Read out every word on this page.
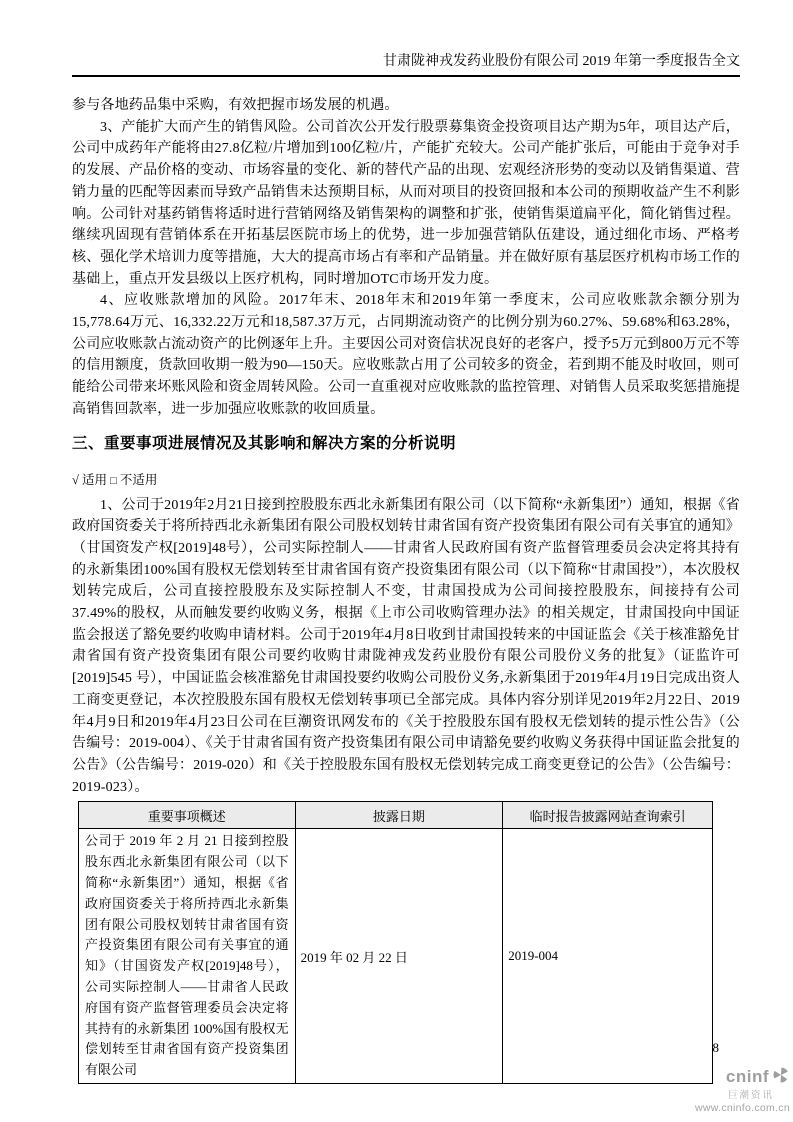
甘肃陇神戎发药业股份有限公司 2019 年第一季度报告全文

参与各地药品集中采购，有效把握市场发展的机遇。

3、产能扩大而产生的销售风险。公司首次公开发行股票募集资金投资项目达产期为5年，项目达产后，公司中成药年产能将由27.8亿粒/片增加到100亿粒/片，产能扩充较大。公司产能扩张后，可能由于竞争对手的发展、产品价格的变动、市场容量的变化、新的替代产品的出现、宏观经济形势的变动以及销售渠道、营销力量的匹配等因素而导致产品销售未达预期目标，从而对项目的投资回报和本公司的预期收益产生不利影响。公司针对基药销售将适时进行营销网络及销售架构的调整和扩张，使销售渠道扁平化，简化销售过程。继续巩固现有营销体系在开拓基层医院市场上的优势，进一步加强营销队伍建设，通过细化市场、严格考核、强化学术培训力度等措施，大大的提高市场占有率和产品销量。并在做好原有基层医疗机构市场工作的基础上，重点开发县级以上医疗机构，同时增加OTC市场开发力度。

4、应收账款增加的风险。2017年末、2018年末和2019年第一季度末，公司应收账款余额分别为15,778.64万元、16,332.22万元和18,587.37万元，占同期流动资产的比例分别为60.27%、59.68%和63.28%，公司应收账款占流动资产的比例逐年上升。主要因公司对资信状况良好的老客户，授予5万元到800万元不等的信用额度，货款回收期一般为90—150天。应收账款占用了公司较多的资金，若到期不能及时收回，则可能给公司带来坏账风险和资金周转风险。公司一直重视对应收账款的监控管理、对销售人员采取奖惩措施提高销售回款率，进一步加强应收账款的收回质量。

三、重要事项进展情况及其影响和解决方案的分析说明
√ 适用 □ 不适用

1、公司于2019年2月21日接到控股股东西北永新集团有限公司（以下简称“永新集团”）通知，根据《省政府国资委关于将所持西北永新集团有限公司股权划转甘肃省国有资产投资集团有限公司有关事宜的通知》（甘国资发产权[2019]48号），公司实际控制人——甘肃省人民政府国有资产监督管理委员会决定将其持有的永新集团100%国有股权无偿划转至甘肃省国有资产投资集团有限公司（以下简称“甘肃国投”），本次股权划转完成后，公司直接控股股东及实际控制人不变，甘肃国投成为公司间接控股股东，间接持有公司37.49%的股权，从而触发要约收购义务，根据《上市公司收购管理办法》的相关规定，甘肃国投向中国证监会报送了豁免要约收购申请材料。公司于2019年4月8日收到甘肃国投转来的中国证监会《关于核准豁免甘肃省国有资产投资集团有限公司要约收购甘肃陇神戎发药业股份有限公司股份义务的批复》（证监许可[2019]545 号），中国证监会核准豁免甘肃国投要约收购公司股份义务,永新集团于2019年4月19日完成出资人工商变更登记，本次控股股东国有股权无偿划转事项已全部完成。具体内容分别详见2019年2月22日、2019年4月9日和2019年4月23日公司在巨潮资讯网发布的《关于控股股东国有股权无偿划转的提示性公告》（公告编号：2019-004）、《关于甘肃省国有资产投资集团有限公司申请豁免要约收购义务获得中国证监会批复的公告》（公告编号：2019-020）和《关于控股股东国有股权无偿划转完成工商变更登记的公告》（公告编号：2019-023）。

重要事项概述	披露日期	临时报告披露网站查询索引
公司于 2019 年 2 月 21 日接到控股股东西北永新集团有限公司（以下简称“永新集团”）通知，根据《省政府国资委关于将所持西北永新集团有限公司股权划转甘肃省国有资产投资集团有限公司有关事宜的通知》（甘国资发产权[2019]48号），公司实际控制人——甘肃省人民政府国有资产监督管理委员会决定将其持有的永新集团 100%国有股权无偿划转至甘肃省国有资产投资集团有限公司	2019 年 02 月 22 日	2019-004
8
cninf
巨潮资讯
www.cninfo.com.cn
